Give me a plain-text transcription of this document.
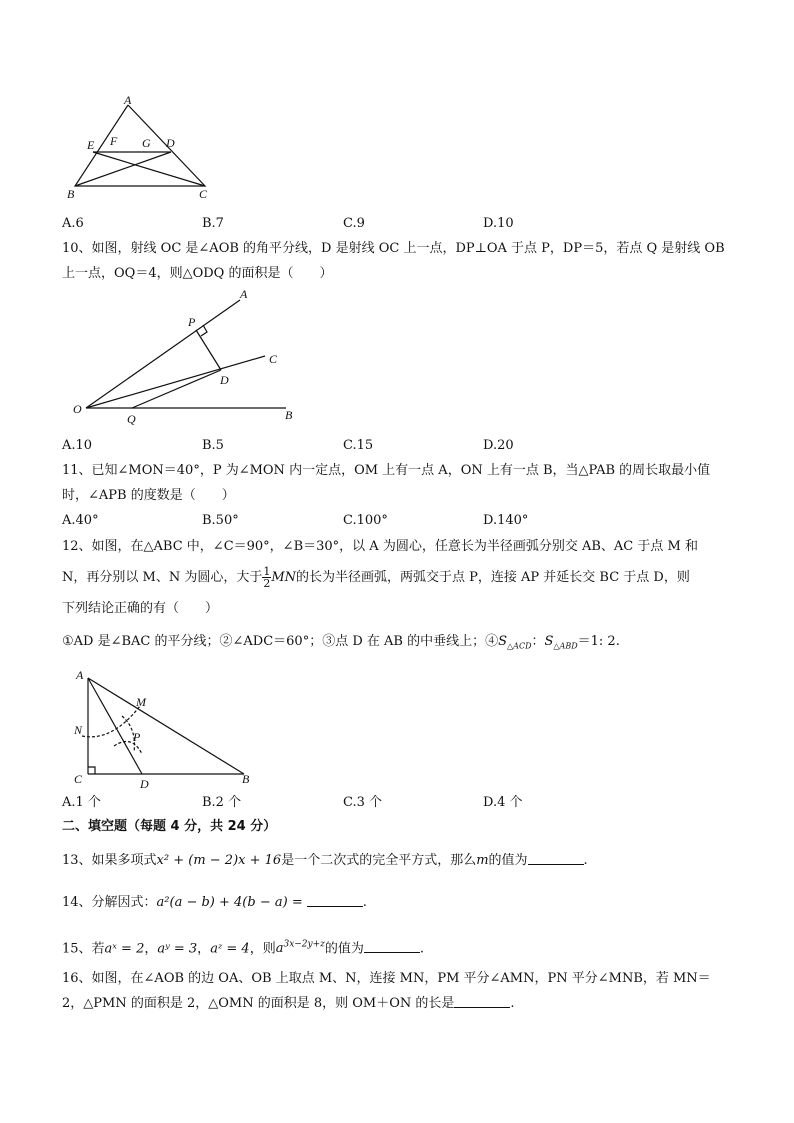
A
E F G D
B	C
A.6	B.7	C.9	D.10
10、如图，射线 OC 是∠AOB 的角平分线，D 是射线 OC 上一点，DP⊥OA 于点 P，DP＝5，若点 Q 是射线 OB
上一点，OQ＝4，则△ODQ 的面积是（　　）
A
P
C
D
O
Q	B
A.10	B.5	C.15	D.20
11、已知∠MON＝40°，P 为∠MON 内一定点，OM 上有一点 A，ON 上有一点 B，当△PAB 的周长取最小值
时，∠APB 的度数是（　　）
A.40°	B.50°	C.100°	D.140°
12、如图，在△ABC 中，∠C＝90°，∠B＝30°，以 A 为圆心，任意长为半径画弧分别交 AB、AC 于点 M 和
N，再分别以 M、N 为圆心，大于 $\frac{1}{2}$ MN的长为半径画弧，两弧交于点 P，连接 AP 并延长交 BC 于点 D，则
下列结论正确的有（　　）
①AD 是∠BAC 的平分线；②∠ADC＝60°；③点 D 在 AB 的中垂线上；$④S_{\triangle ACD}$：$S_{\triangle ABD}=1$: 2.
A
M
N	P
C	D	B
A.1 个	B.2 个	C.3 个	D.4 个
二、填空题（每题 4 分，共 24 分）
13、如果多项式x² + (m − 2)x + 16是一个二次式的完全平方式，那么m的值为	.
14、分解因式：a²(a − b) + 4(b − a) =	.
15、若aˣ = 2，aʸ = 3，aᶻ = 4，则$a^{3x-2y+z}$的值为	.
16、如图，在∠AOB 的边 OA、OB 上取点 M、N，连接 MN，PM 平分∠AMN，PN 平分∠MNB，若 MN＝
2，△PMN 的面积是 2，△OMN 的面积是 8，则 OM＋ON 的长是	.
